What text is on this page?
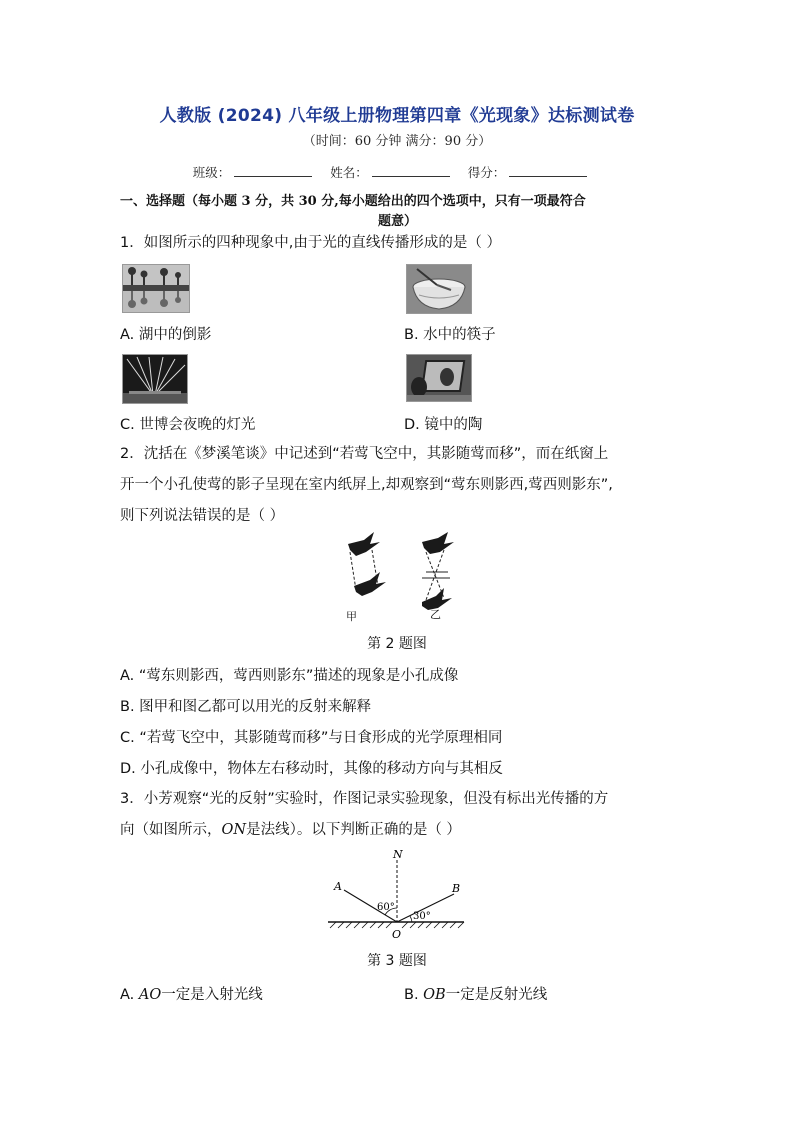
人教版 (2024) 八年级上册物理第四章《光现象》达标测试卷
（时间：60 分钟 满分：90 分）
班级：	姓名：	得分：
一、选择题（每小题 3 分，共 30 分,每小题给出的四个选项中，只有一项最符合
题意）
1．如图所示的四种现象中,由于光的直线传播形成的是（ ）
A. 湖中的倒影	B. 水中的筷子
C. 世博会夜晚的灯光	D. 镜中的陶
2．沈括在《梦溪笔谈》中记述到“若莺飞空中，其影随莺而移”，而在纸窗上
开一个小孔使莺的影子呈现在室内纸屏上,却观察到“莺东则影西,莺西则影东”,
则下列说法错误的是（ ）
甲	乙
第 2 题图
A. “莺东则影西，莺西则影东”描述的现象是小孔成像
B. 图甲和图乙都可以用光的反射来解释
C. “若莺飞空中，其影随莺而移”与日食形成的光学原理相同
D. 小孔成像中，物体左右移动时，其像的移动方向与其相反
3．小芳观察“光的反射”实验时，作图记录实验现象，但没有标出光传播的方
向（如图所示，ON是法线）。以下判断正确的是（ ）
N
A	B
O
60°
30°
第 3 题图
A. AO一定是入射光线	B. OB一定是反射光线
